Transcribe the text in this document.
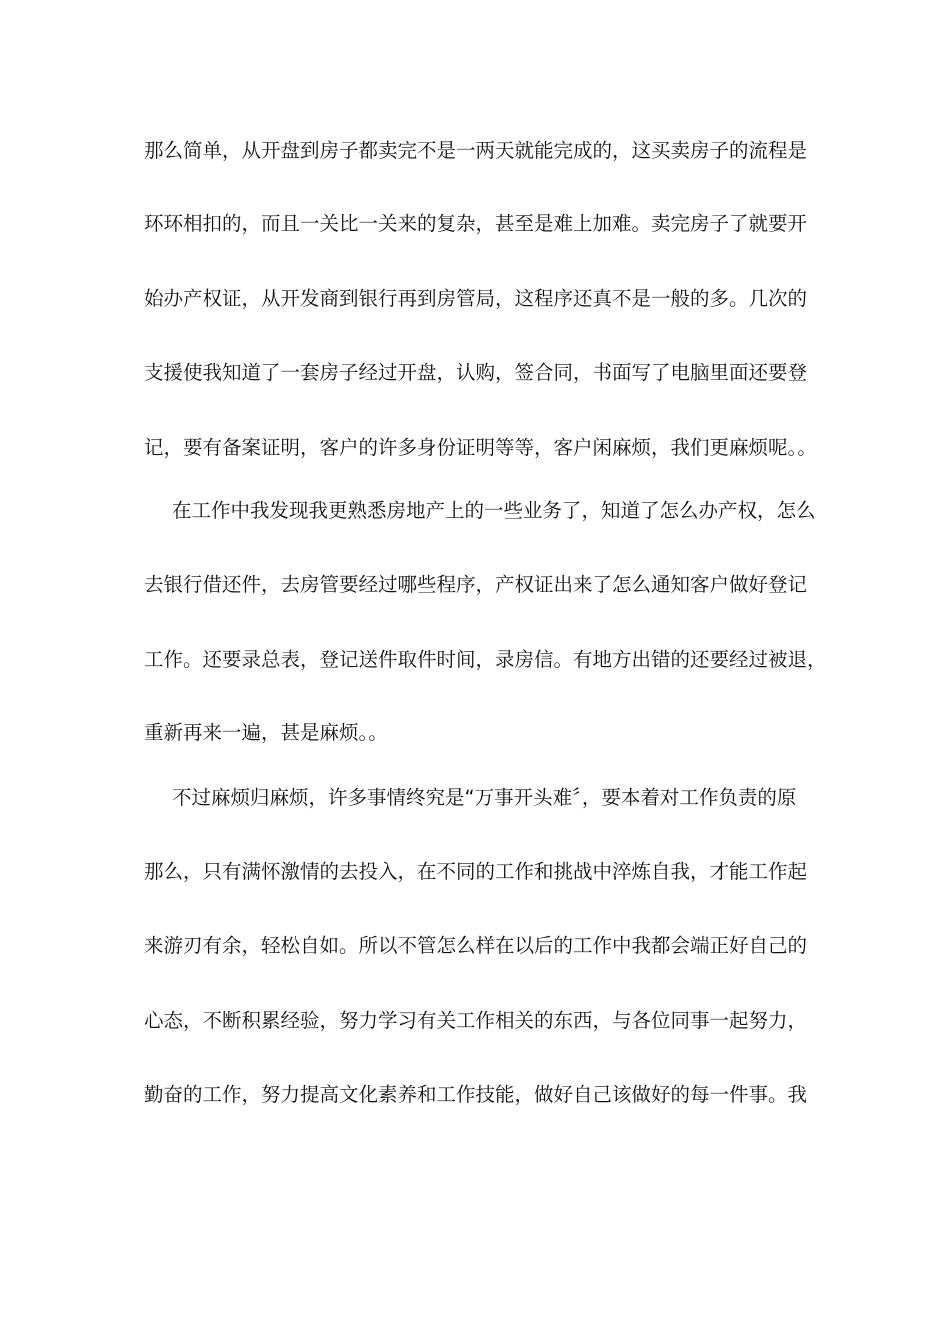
那么简单，从开盘到房子都卖完不是一两天就能完成的，这买卖房子的流程是
环环相扣的，而且一关比一关来的复杂，甚至是难上加难。卖完房子了就要开
始办产权证，从开发商到银行再到房管局，这程序还真不是一般的多。几次的
支援使我知道了一套房子经过开盘，认购，签合同，书面写了电脑里面还要登
记，要有备案证明，客户的许多身份证明等等，客户闲麻烦，我们更麻烦呢。。
在工作中我发现我更熟悉房地产上的一些业务了，知道了怎么办产权，怎么
去银行借还件，去房管要经过哪些程序，产权证出来了怎么通知客户做好登记
工作。还要录总表，登记送件取件时间，录房信。有地方出错的还要经过被退，
重新再来一遍，甚是麻烦。。
不过麻烦归麻烦，许多事情终究是“万事开头难〞，要本着对工作负责的原
那么，只有满怀激情的去投入，在不同的工作和挑战中淬炼自我，才能工作起
来游刃有余，轻松自如。所以不管怎么样在以后的工作中我都会端正好自己的
心态，不断积累经验，努力学习有关工作相关的东西，与各位同事一起努力，
勤奋的工作，努力提高文化素养和工作技能，做好自己该做好的每一件事。我
